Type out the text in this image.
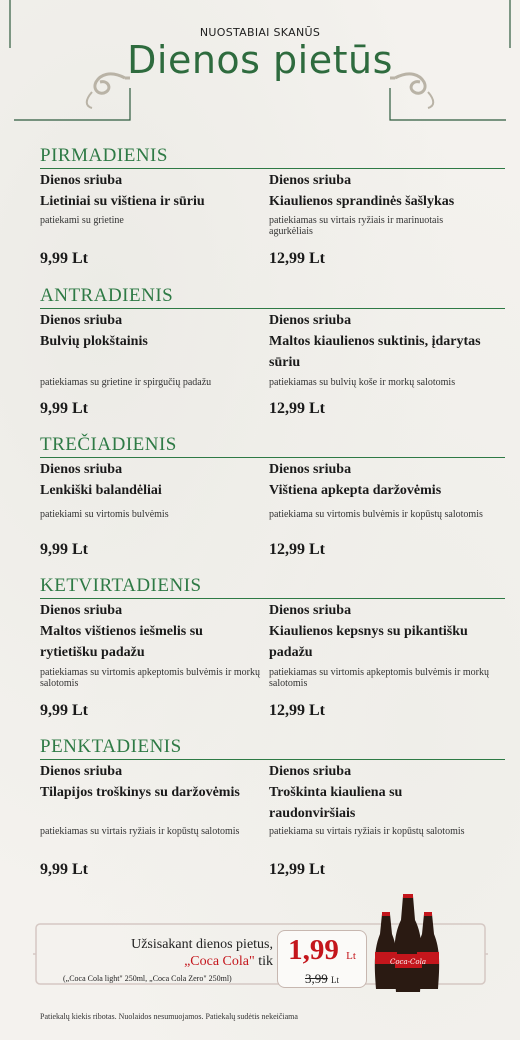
NUOSTABIAI SKANŪS
Dienos pietūs
PIRMADIENIS
Dienos sriuba
Lietiniai su vištiena ir sūriu
patiekami su grietine
9,99 Lt
Dienos sriuba
Kiaulienos sprandinės šašlykas
patiekiamas su virtais ryžiais ir marinuotais agurkėliais
12,99 Lt
ANTRADIENIS
Dienos sriuba
Bulvių plokštainis
patiekiamas su grietine ir spirgučių padažu
9,99 Lt
Dienos sriuba
Maltos kiaulienos suktinis, įdarytas sūriu
patiekiamas su bulvių koše ir morkų salotomis
12,99 Lt
TREČIADIENIS
Dienos sriuba
Lenkiški balandėliai
patiekiami su virtomis bulvėmis
9,99 Lt
Dienos sriuba
Vištiena apkepta daržovėmis
patiekiama su virtomis bulvėmis ir kopūstų salotomis
12,99 Lt
KETVIRTADIENIS
Dienos sriuba
Maltos vištienos iešmelis su rytietišku padažu
patiekiamas su virtomis apkeptomis bulvėmis ir morkų salotomis
9,99 Lt
Dienos sriuba
Kiaulienos kepsnys su pikantišku padažu
patiekiamas su virtomis apkeptomis bulvėmis ir morkų salotomis
12,99 Lt
PENKTADIENIS
Dienos sriuba
Tilapijos troškinys su daržovėmis
patiekiamas su virtais ryžiais ir kopūstų salotomis
9,99 Lt
Dienos sriuba
Troškinta kiauliena su raudonviršiais
patiekiama su virtais ryžiais ir kopūstų salotomis
12,99 Lt
Užsisakant dienos pietus,
„Coca Cola" tik
(„Coca Cola light" 250ml, „Coca Cola Zero" 250ml)
1,99 Lt
3,99 Lt
Coca-Cola
Patiekalų kiekis ribotas. Nuolaidos nesumuojamos. Patiekalų sudėtis nekeičiama
